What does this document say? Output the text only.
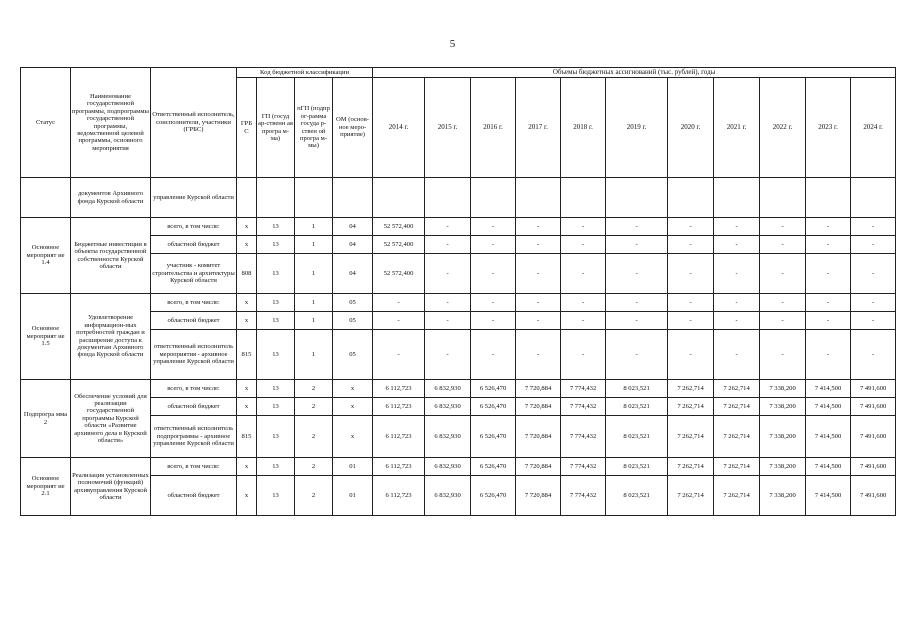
5
Статус	Наименование государственной программы, подпрограммы государственной программы, ведомственной целевой программы, основного мероприятия	Ответственный исполнитель, соисполнители, участники (ГРБС)	Код бюджетной классификации				Объемы бюджетных ассигнований (тыс. рублей), годы										
			ГРБ С	ГП (госуд ар-ственн ая програ м-ма)	пГП (подпр ог-рамма госуда р-ствен ой програ м-мы)	ОМ (основ-ное меро-приятие)	2014 г.	2015 г.	2016 г.	2017 г.	2018 г.	2019 г.	2020 г.	2021 г.	2022 г.	2023 г.	2024 г.
	документов Архивного фонда Курской области	управление Курской области															
Основное мероприят ие 1.4	Бюджетные инвестиции в объекты государственной собственности Курской области	всего, в том числе:	х	13	1	04	52 572,400	-	-	-	-	-	-	-	-	-	-
		областной бюджет	х	13	1	04	52 572,400	-	-	-	-	-	-	-	-	-	-
		участник - комитет строительства и архитектуры Курской области	808	13	1	04	52 572,400	-	-	-	-	-	-	-	-	-	-
Основное мероприят ие 1.5	Удовлетворение информацион-ных потребностей граждан и расширение доступа к документам Архивного фонда Курской области	всего, в том числе:	х	13	1	05	-	-	-	-	-	-	-	-	-	-	-
		областной бюджет	х	13	1	05	-	-	-	-	-	-	-	-	-	-	-
		ответственный исполнитель мероприятия - архивное управление Курской области	815	13	1	05	-	-	-	-	-	-	-	-	-	-	-
Подпрогра мма 2	Обеспечение условий для реализации государственной программы Курской области «Развитие архивного дела в Курской области»	всего, в том числе:	х	13	2	х	6 112,723	6 832,930	6 526,470	7 720,884	7 774,432	8 023,521	7 262,714	7 262,714	7 338,200	7 414,500	7 491,600
		областной бюджет	х	13	2	х	6 112,723	6 832,930	6 526,470	7 720,884	7 774,432	8 023,521	7 262,714	7 262,714	7 338,200	7 414,500	7 491,600
		ответственный исполнитель подпрограммы - архивное управление Курской области	815	13	2	х	6 112,723	6 832,930	6 526,470	7 720,884	7 774,432	8 023,521	7 262,714	7 262,714	7 338,200	7 414,500	7 491,600
Основное мероприят ие 2.1	Реализация установленных полномочий (функций) архивуправления Курской области	всего, в том числе:	х	13	2	01	6 112,723	6 832,930	6 526,470	7 720,884	7 774,432	8 023,521	7 262,714	7 262,714	7 338,200	7 414,500	7 491,600
		областной бюджет	х	13	2	01	6 112,723	6 832,930	6 526,470	7 720,884	7 774,432	8 023,521	7 262,714	7 262,714	7 338,200	7 414,500	7 491,600
